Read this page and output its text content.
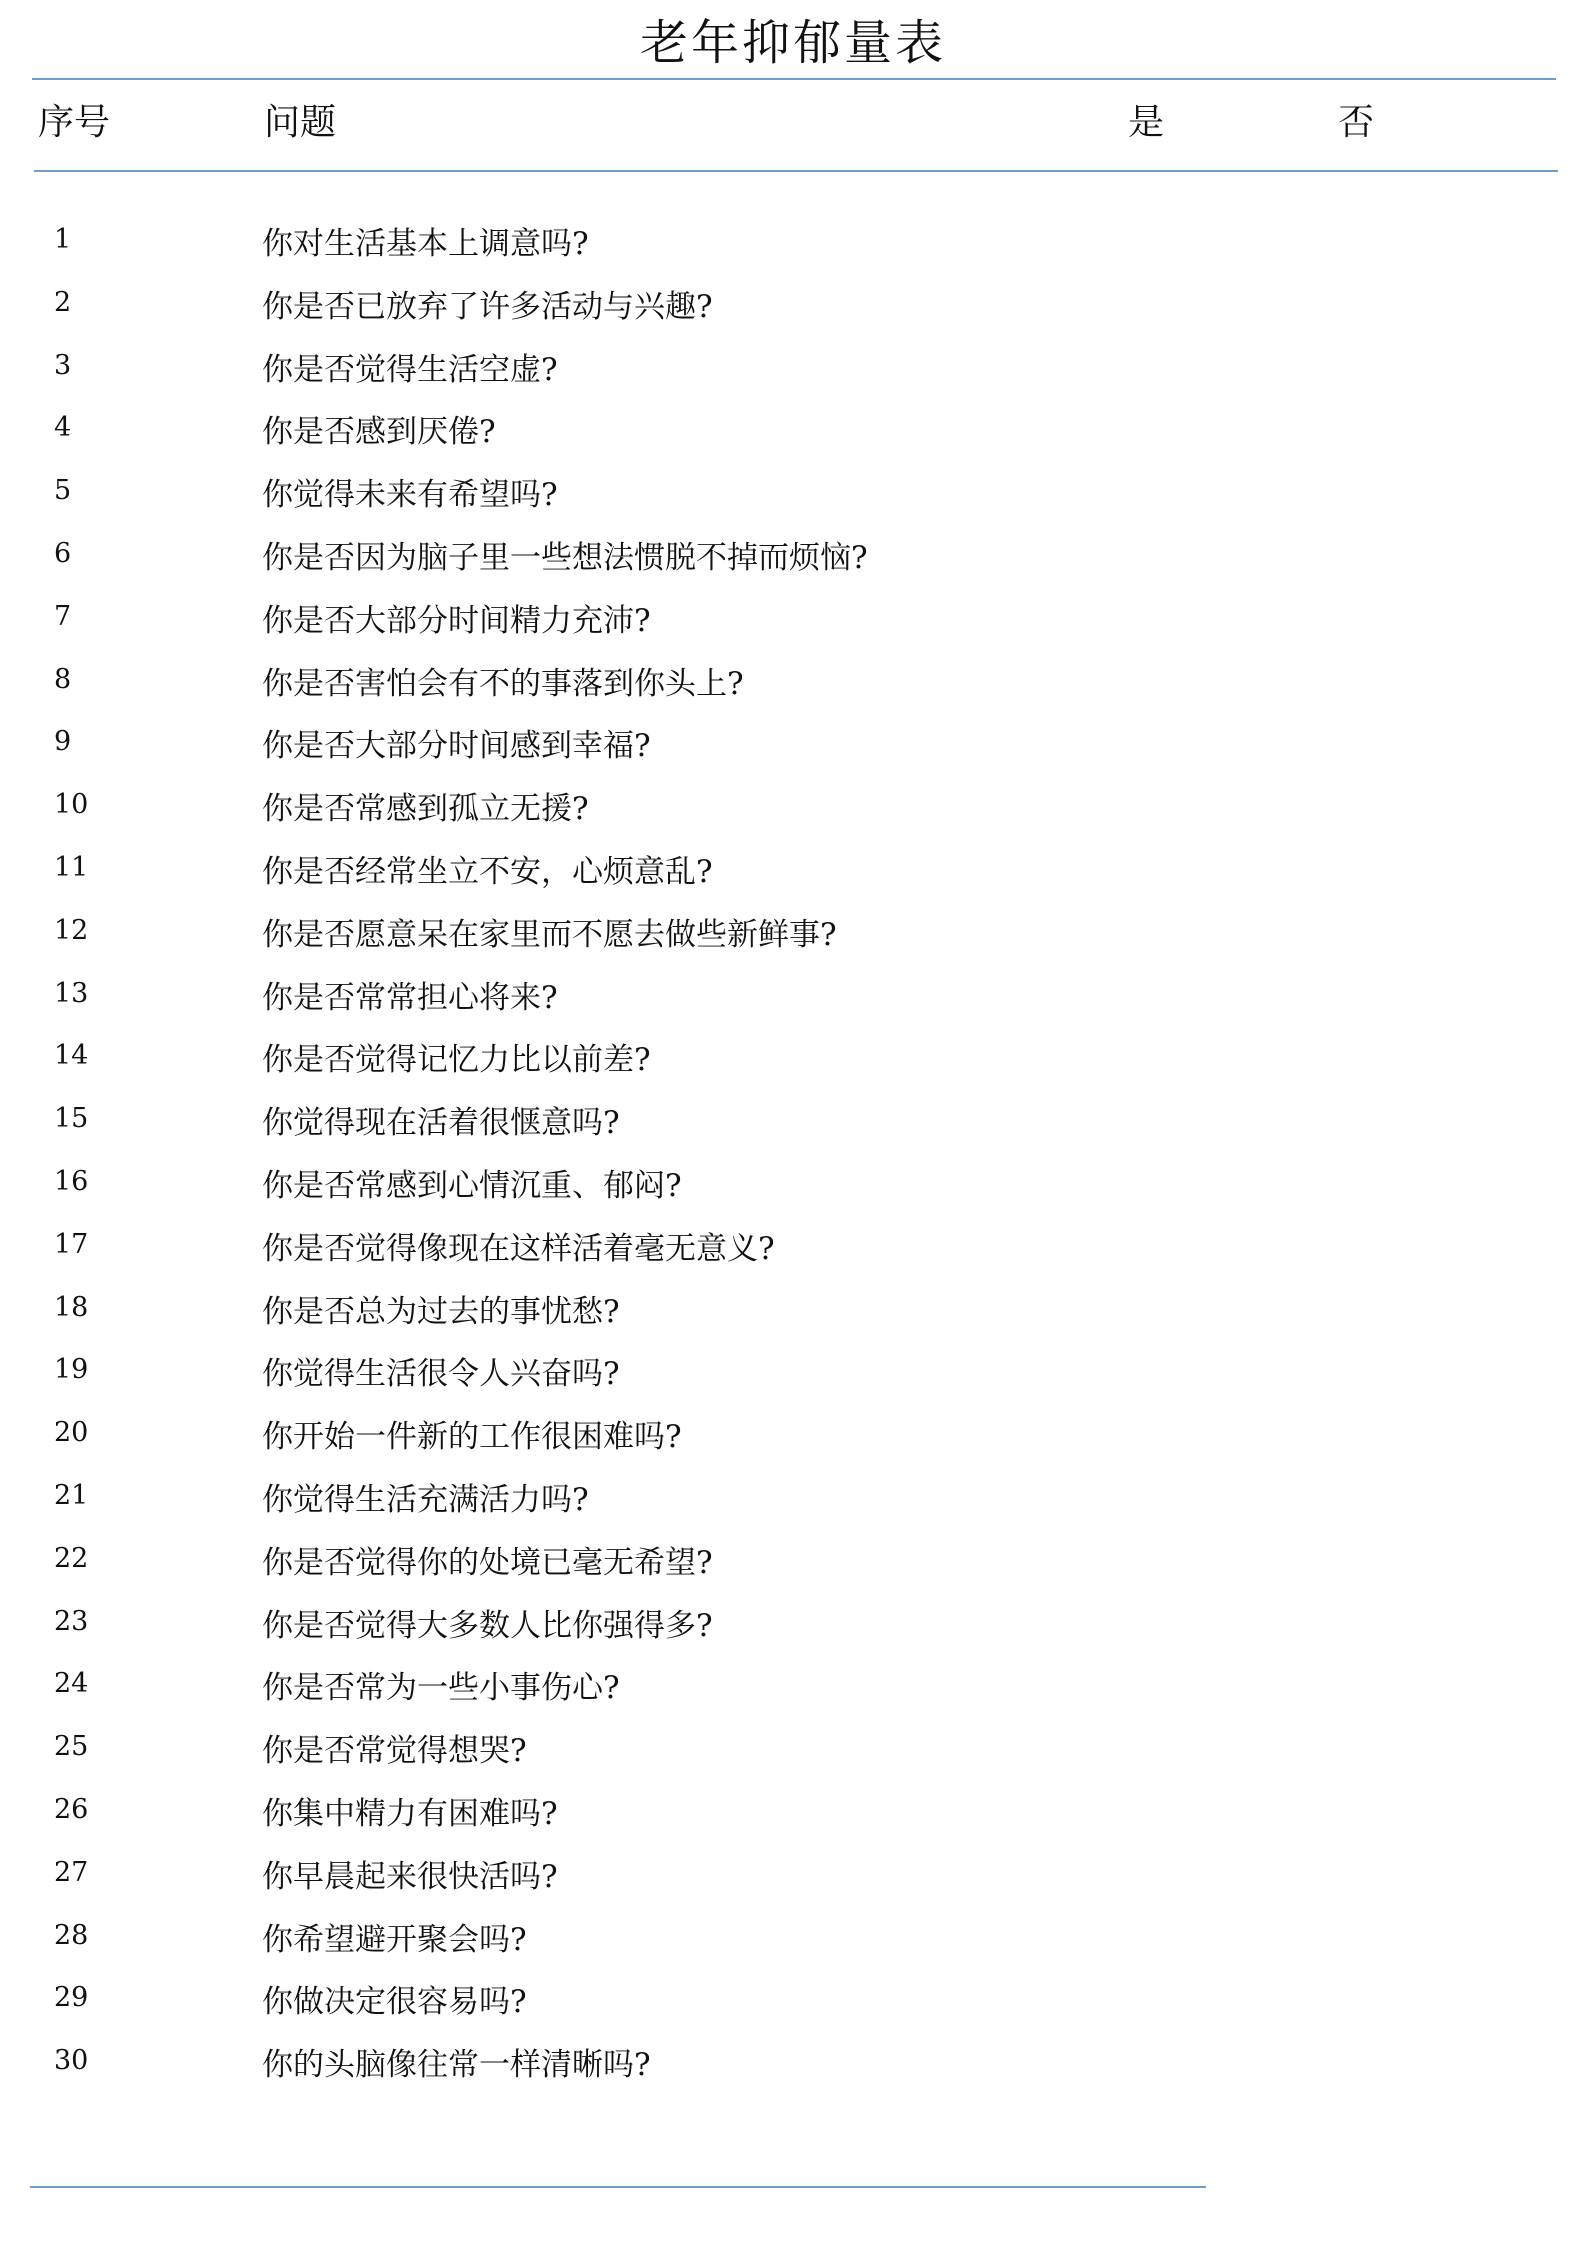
老年抑郁量表
序号	问题	是	否
1	你对生活基本上调意吗?
2	你是否已放弃了许多活动与兴趣?
3	你是否觉得生活空虚?
4	你是否感到厌倦?
5	你觉得未来有希望吗?
6	你是否因为脑子里一些想法惯脱不掉而烦恼?
7	你是否大部分时间精力充沛?
8	你是否害怕会有不的事落到你头上?
9	你是否大部分时间感到幸福?
10	你是否常感到孤立无援?
11	你是否经常坐立不安，心烦意乱?
12	你是否愿意呆在家里而不愿去做些新鲜事?
13	你是否常常担心将来?
14	你是否觉得记忆力比以前差?
15	你觉得现在活着很惬意吗?
16	你是否常感到心情沉重、郁闷?
17	你是否觉得像现在这样活着毫无意义?
18	你是否总为过去的事忧愁?
19	你觉得生活很令人兴奋吗?
20	你开始一件新的工作很困难吗?
21	你觉得生活充满活力吗?
22	你是否觉得你的处境已毫无希望?
23	你是否觉得大多数人比你强得多?
24	你是否常为一些小事伤心?
25	你是否常觉得想哭?
26	你集中精力有困难吗?
27	你早晨起来很快活吗?
28	你希望避开聚会吗?
29	你做决定很容易吗?
30	你的头脑像往常一样清晰吗?
